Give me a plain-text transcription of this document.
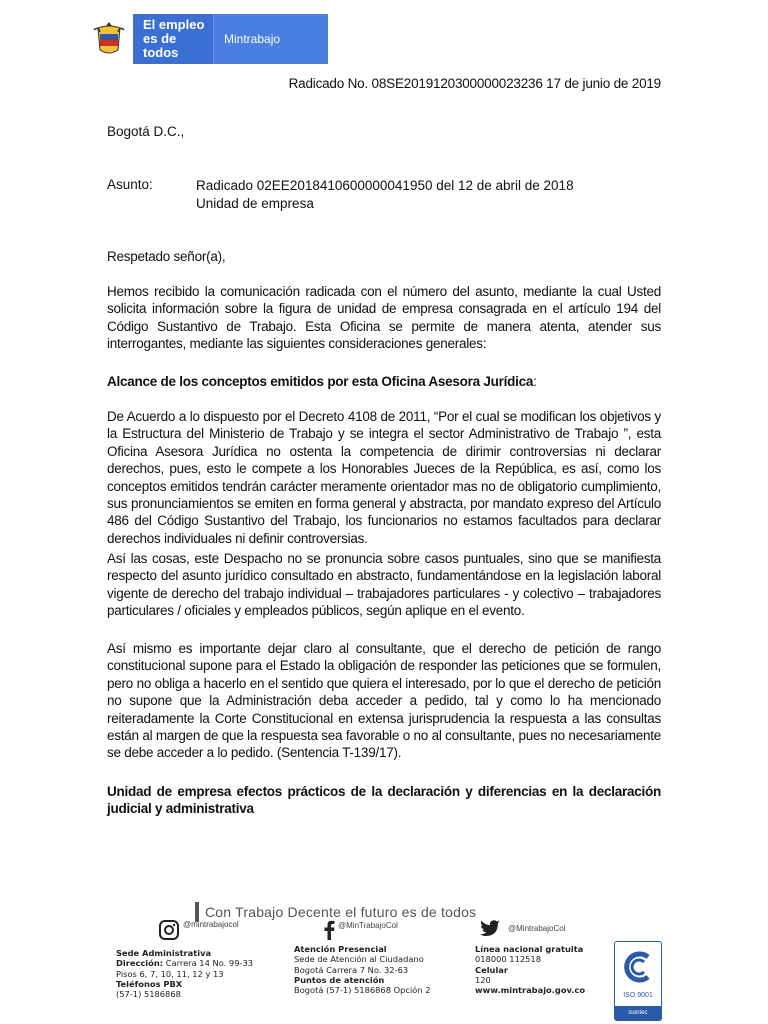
El empleo
es de todos
Mintrabajo
Radicado No. 08SE2019120300000023236 17 de junio de 2019
Bogotá D.C.,
Asunto:	Radicado 02EE2018410600000041950 del 12 de abril de 2018
Unidad de empresa
Respetado señor(a),
Hemos recibido la comunicación radicada con el número del asunto, mediante la cual Usted solicita información sobre la figura de unidad de empresa consagrada en el artículo 194 del Código Sustantivo de Trabajo. Esta Oficina se permite de manera atenta, atender sus interrogantes, mediante las siguientes consideraciones generales:
Alcance de los conceptos emitidos por esta Oficina Asesora Jurídica:
De Acuerdo a lo dispuesto por el Decreto 4108 de 2011, “Por el cual se modifican los objetivos y la Estructura del Ministerio de Trabajo y se integra el sector Administrativo de Trabajo ”, esta Oficina Asesora Jurídica no ostenta la competencia de dirimir controversias ni declarar derechos, pues, esto le compete a los Honorables Jueces de la República, es así, como los conceptos emitidos tendrán carácter meramente orientador mas no de obligatorio cumplimiento, sus pronunciamientos se emiten en forma general y abstracta, por mandato expreso del Artículo 486 del Código Sustantivo del Trabajo, los funcionarios no estamos facultados para declarar derechos individuales ni definir controversias.
Así las cosas, este Despacho no se pronuncia sobre casos puntuales, sino que se manifiesta respecto del asunto jurídico consultado en abstracto, fundamentándose en la legislación laboral vigente de derecho del trabajo individual – trabajadores particulares - y colectivo – trabajadores particulares / oficiales y empleados públicos, según aplique en el evento.
Así mismo es importante dejar claro al consultante, que el derecho de petición de rango constitucional supone para el Estado la obligación de responder las peticiones que se formulen, pero no obliga a hacerlo en el sentido que quiera el interesado, por lo que el derecho de petición no supone que la Administración deba acceder a pedido, tal y como lo ha mencionado reiteradamente la Corte Constitucional en extensa jurisprudencia la respuesta a las consultas están al margen de que la respuesta sea favorable o no al consultante, pues no necesariamente se debe acceder a lo pedido. (Sentencia T-139/17).
Unidad de empresa efectos prácticos de la declaración y diferencias en la declaración judicial y administrativa
Con Trabajo Decente el futuro es de todos
@mintrabajocol	@MinTrabajoCol	@MintrabajoCol
Sede Administrativa
Dirección: Carrera 14 No. 99-33
Pisos 6, 7, 10, 11, 12 y 13
Teléfonos PBX
(57-1) 5186868
Atención Presencial
Sede de Atención al Ciudadano
Bogotá Carrera 7 No. 32-63
Puntos de atención
Bogotá (57-1) 5186868 Opción 2
Línea nacional gratuita
018000 112518
Celular
120
www.mintrabajo.gov.co
ISO 9001
icontec
